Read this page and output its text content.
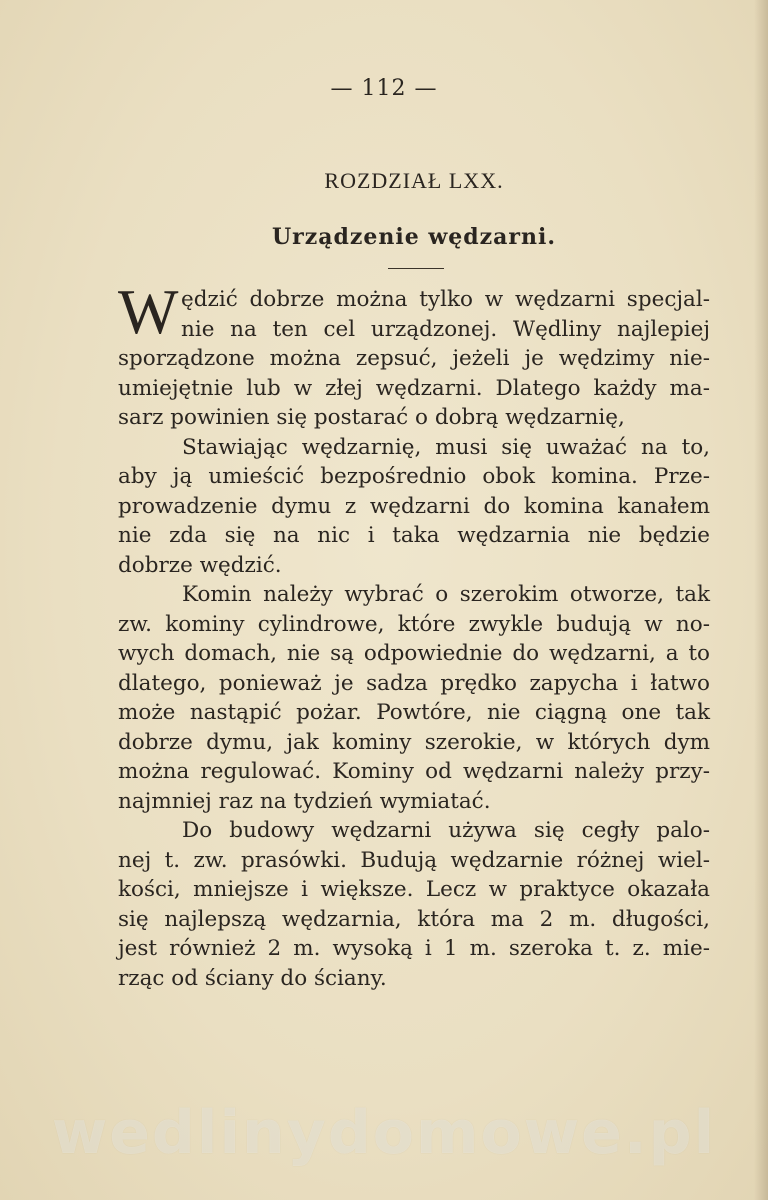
— 112 —
ROZDZIAŁ LXX.
Urządzenie wędzarni.
W ędzić dobrze można tylko w wędzarni specjal-
nie na ten cel urządzonej. Wędliny najlepiej
sporządzone można zepsuć, jeżeli je wędzimy nie-
umiejętnie lub w złej wędzarni. Dlatego każdy ma-
sarz powinien się postarać o dobrą wędzarnię,
Stawiając wędzarnię, musi się uważać na to,
aby ją umieścić bezpośrednio obok komina. Prze-
prowadzenie dymu z wędzarni do komina kanałem
nie zda się na nic i taka wędzarnia nie będzie
dobrze wędzić.
Komin należy wybrać o szerokim otworze, tak
zw. kominy cylindrowe, które zwykle budują w no-
wych domach, nie są odpowiednie do wędzarni, a to
dlatego, ponieważ je sadza prędko zapycha i łatwo
może nastąpić pożar. Powtóre, nie ciągną one tak
dobrze dymu, jak kominy szerokie, w których dym
można regulować. Kominy od wędzarni należy przy-
najmniej raz na tydzień wymiatać.
Do budowy wędzarni używa się cegły palo-
nej t. zw. prasówki. Budują wędzarnie różnej wiel-
kości, mniejsze i większe. Lecz w praktyce okazała
się najlepszą wędzarnia, która ma 2 m. długości,
jest również 2 m. wysoką i 1 m. szeroka t. z. mie-
rząc od ściany do ściany.
wedlinydomowe.pl
